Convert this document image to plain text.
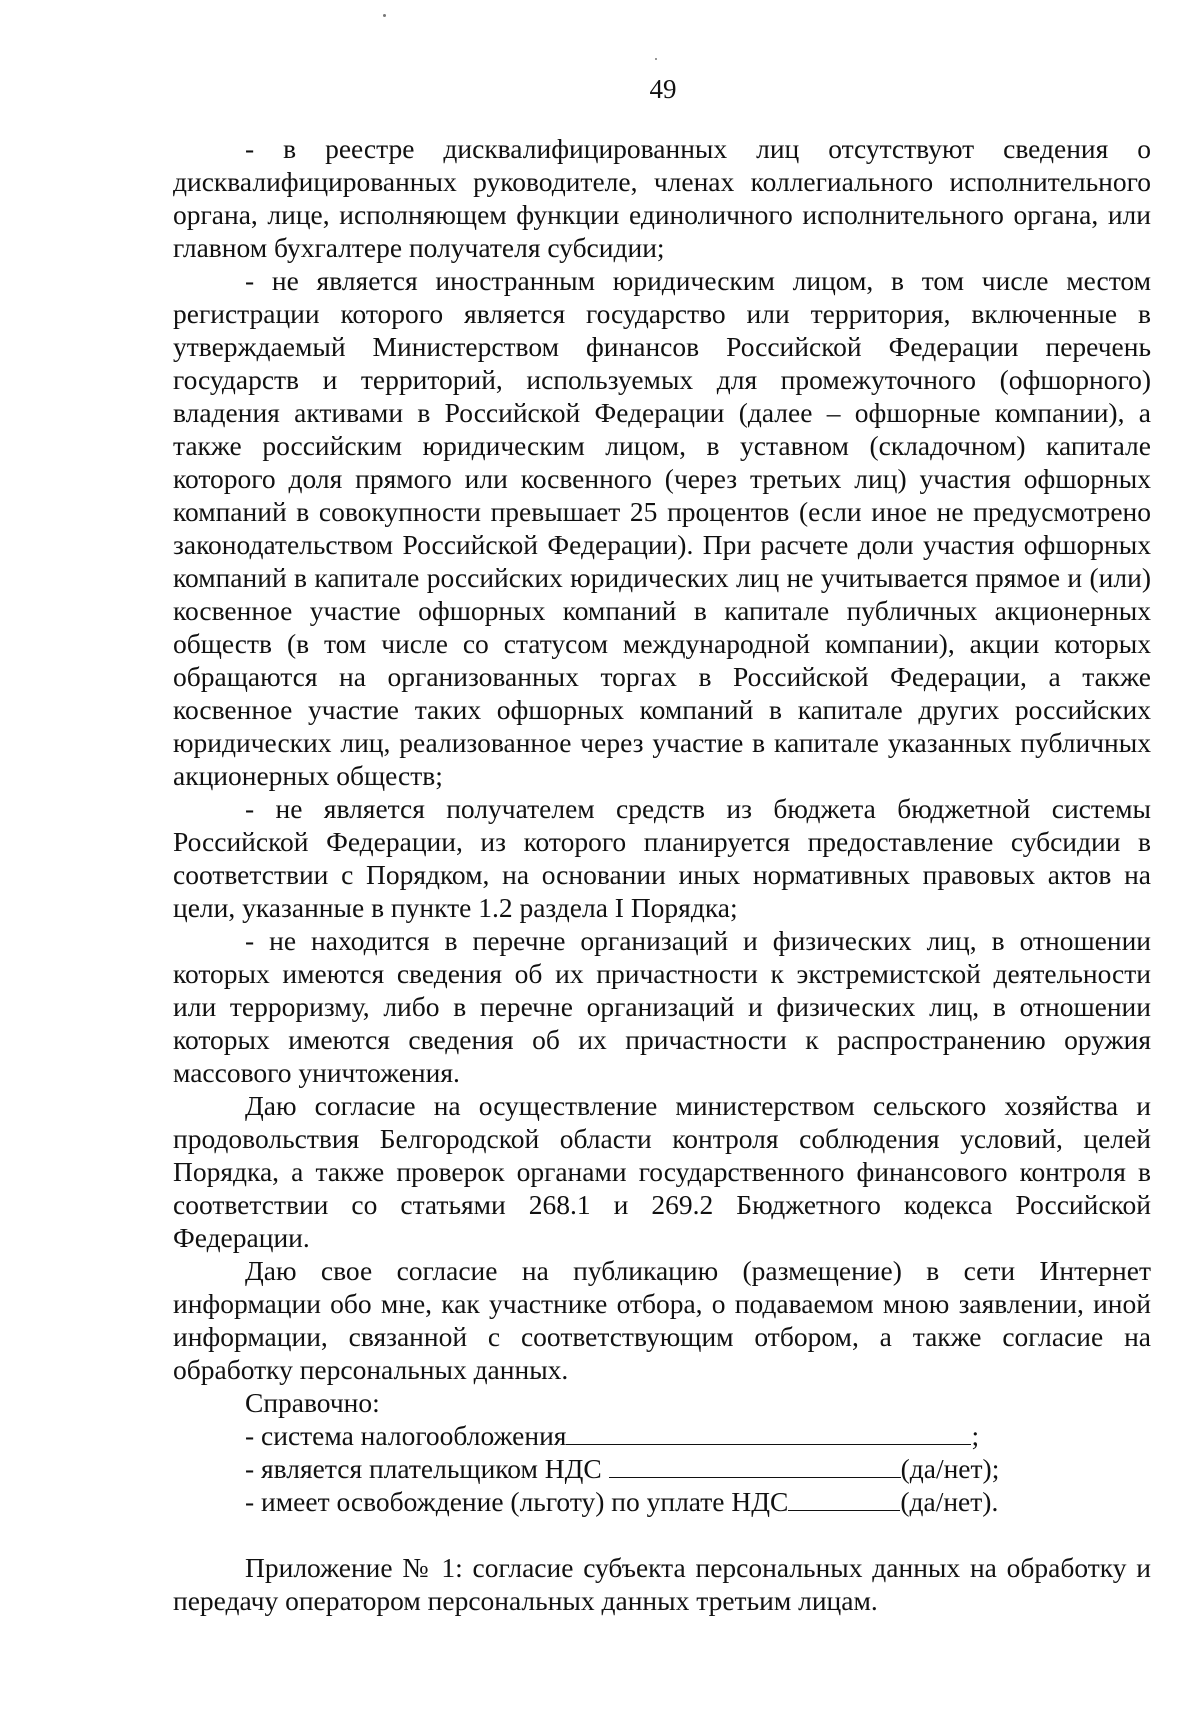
49

- в реестре дисквалифицированных лиц отсутствуют сведения о дисквалифицированных руководителе, членах коллегиального исполнительного органа, лице, исполняющем функции единоличного исполнительного органа, или главном бухгалтере получателя субсидии;

- не является иностранным юридическим лицом, в том числе местом регистрации которого является государство или территория, включенные в утверждаемый Министерством финансов Российской Федерации перечень государств и территорий, используемых для промежуточного (офшорного) владения активами в Российской Федерации (далее – офшорные компании), а также российским юридическим лицом, в уставном (складочном) капитале которого доля прямого или косвенного (через третьих лиц) участия офшорных компаний в совокупности превышает 25 процентов (если иное не предусмотрено законодательством Российской Федерации). При расчете доли участия офшорных компаний в капитале российских юридических лиц не учитывается прямое и (или) косвенное участие офшорных компаний в капитале публичных акционерных обществ (в том числе со статусом международной компании), акции которых обращаются на организованных торгах в Российской Федерации, а также косвенное участие таких офшорных компаний в капитале других российских юридических лиц, реализованное через участие в капитале указанных публичных акционерных обществ;

- не является получателем средств из бюджета бюджетной системы Российской Федерации, из которого планируется предоставление субсидии в соответствии с Порядком, на основании иных нормативных правовых актов на цели, указанные в пункте 1.2 раздела I Порядка;

- не находится в перечне организаций и физических лиц, в отношении которых имеются сведения об их причастности к экстремистской деятельности или терроризму, либо в перечне организаций и физических лиц, в отношении которых имеются сведения об их причастности к распространению оружия массового уничтожения.

Даю согласие на осуществление министерством сельского хозяйства и продовольствия Белгородской области контроля соблюдения условий, целей Порядка, а также проверок органами государственного финансового контроля в соответствии со статьями 268.1 и 269.2 Бюджетного кодекса Российской Федерации.

Даю свое согласие на публикацию (размещение) в сети Интернет информации обо мне, как участнике отбора, о подаваемом мною заявлении, иной информации, связанной с соответствующим отбором, а также согласие на обработку персональных данных.

Справочно:
- система налогообложения	;
- является плательщиком НДС	(да/нет);
- имеет освобождение (льготу) по уплате НДС	(да/нет).

Приложение № 1: согласие субъекта персональных данных на обработку и передачу оператором персональных данных третьим лицам.
